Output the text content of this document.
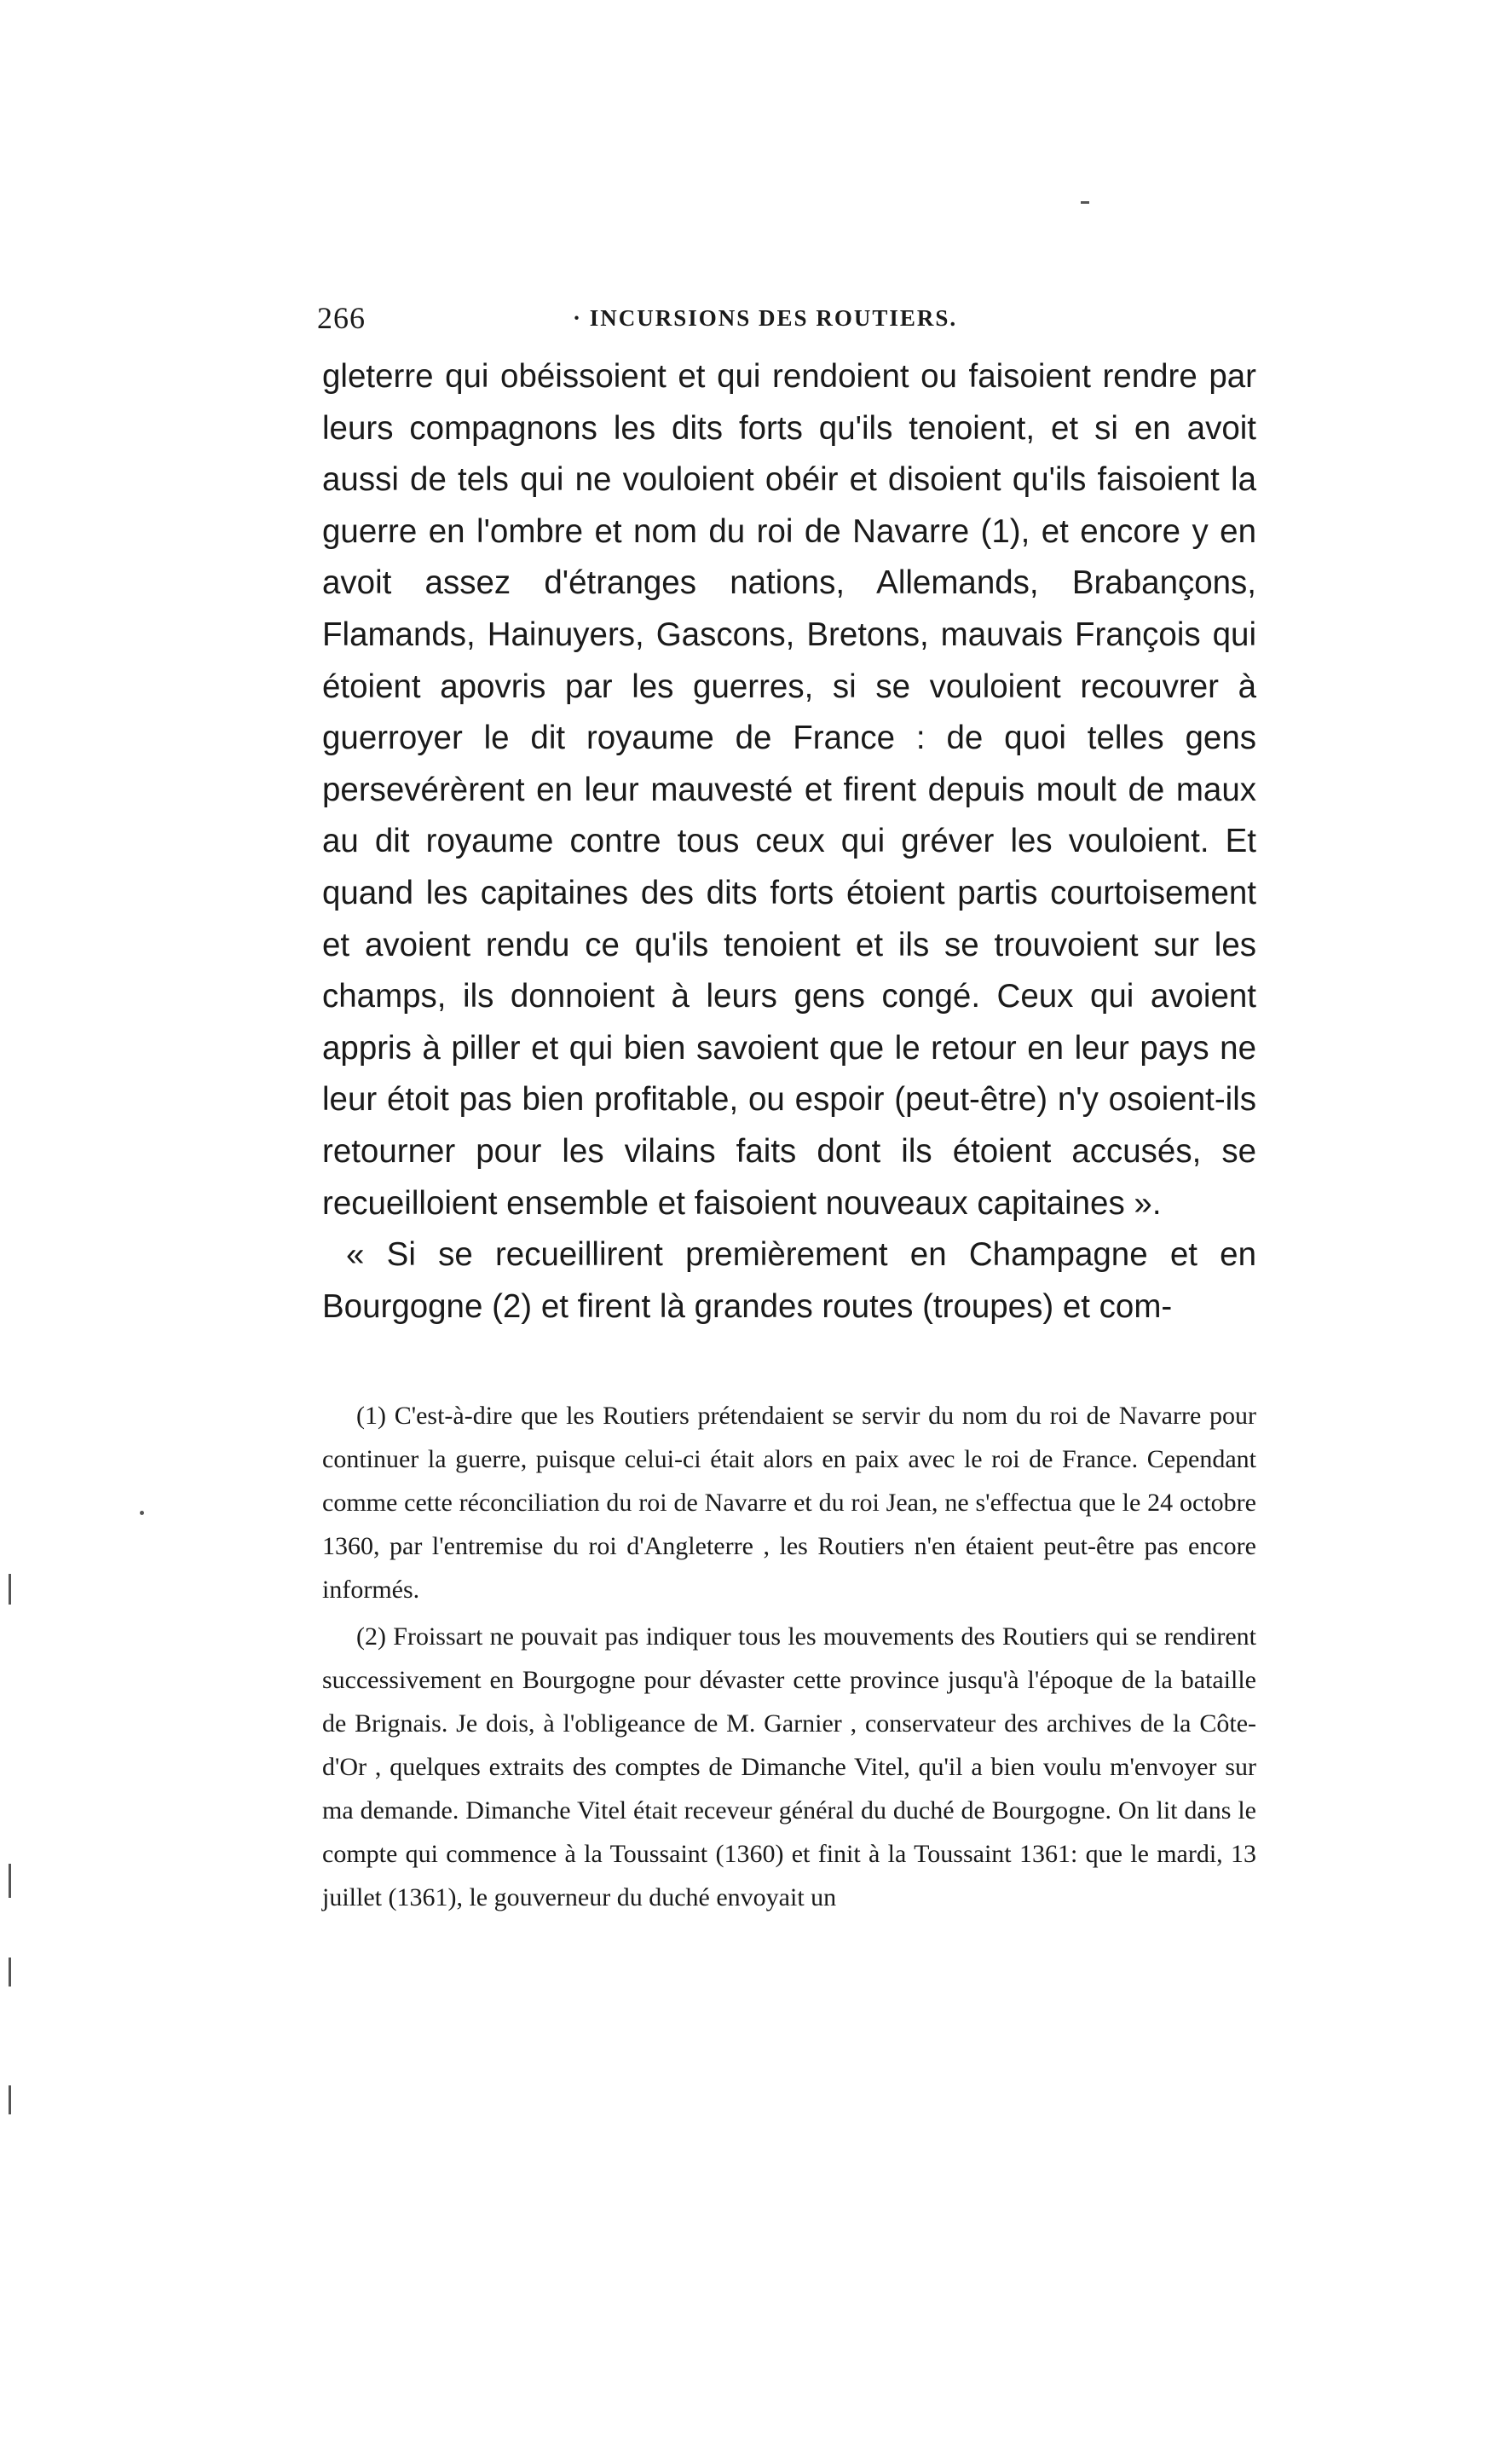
266	· INCURSIONS DES ROUTIERS.

gleterre qui obéissoient et qui rendoient ou faisoient rendre par leurs compagnons les dits forts qu'ils tenoient, et si en avoit aussi de tels qui ne vouloient obéir et disoient qu'ils faisoient la guerre en l'ombre et nom du roi de Navarre (1), et encore y en avoit assez d'étranges nations, Allemands, Brabançons, Flamands, Hainuyers, Gascons, Bretons, mauvais François qui étoient apovris par les guerres, si se vouloient recouvrer à guerroyer le dit royaume de France : de quoi telles gens persevérèrent en leur mauvesté et firent depuis moult de maux au dit royaume contre tous ceux qui gréver les vouloient. Et quand les capitaines des dits forts étoient partis courtoisement et avoient rendu ce qu'ils tenoient et ils se trouvoient sur les champs, ils donnoient à leurs gens congé. Ceux qui avoient appris à piller et qui bien savoient que le retour en leur pays ne leur étoit pas bien profitable, ou espoir (peut-être) n'y osoient-ils retourner pour les vilains faits dont ils étoient accusés, se recueilloient ensemble et faisoient nouveaux capitaines ».

« Si se recueillirent premièrement en Champagne et en Bourgogne (2) et firent là grandes routes (troupes) et com-

(1) C'est-à-dire que les Routiers prétendaient se servir du nom du roi de Navarre pour continuer la guerre, puisque celui-ci était alors en paix avec le roi de France. Cependant comme cette réconciliation du roi de Navarre et du roi Jean, ne s'effectua que le 24 octobre 1360, par l'entremise du roi d'Angleterre , les Routiers n'en étaient peut-être pas encore informés.

(2) Froissart ne pouvait pas indiquer tous les mouvements des Routiers qui se rendirent successivement en Bourgogne pour dévaster cette province jusqu'à l'époque de la bataille de Brignais. Je dois, à l'obligeance de M. Garnier , conservateur des archives de la Côte-d'Or , quelques extraits des comptes de Dimanche Vitel, qu'il a bien voulu m'envoyer sur ma demande. Dimanche Vitel était receveur général du duché de Bourgogne. On lit dans le compte qui commence à la Toussaint (1360) et finit à la Toussaint 1361: que le mardi, 13 juillet (1361), le gouverneur du duché envoyait un
